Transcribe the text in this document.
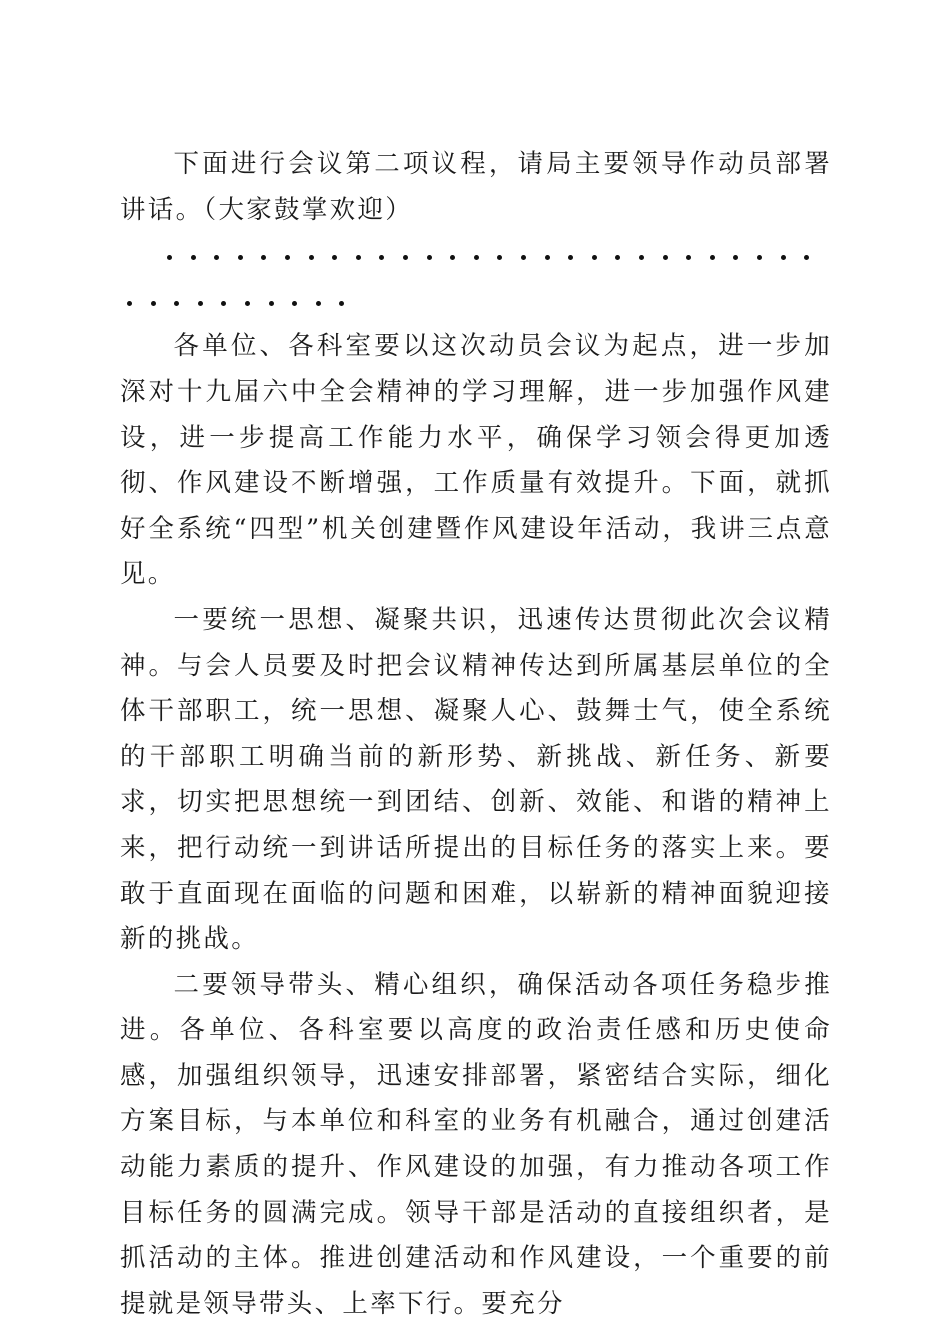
下面进行会议第二项议程，请局主要领导作动员部署讲话。（大家鼓掌欢迎）

各单位、各科室要以这次动员会议为起点，进一步加深对十九届六中全会精神的学习理解，进一步加强作风建设，进一步提高工作能力水平，确保学习领会得更加透彻、作风建设不断增强，工作质量有效提升。下面，就抓好全系统“四型”机关创建暨作风建设年活动，我讲三点意见。

一要统一思想、凝聚共识，迅速传达贯彻此次会议精神。与会人员要及时把会议精神传达到所属基层单位的全体干部职工，统一思想、凝聚人心、鼓舞士气，使全系统的干部职工明确当前的新形势、新挑战、新任务、新要求，切实把思想统一到团结、创新、效能、和谐的精神上来，把行动统一到讲话所提出的目标任务的落实上来。要敢于直面现在面临的问题和困难，以崭新的精神面貌迎接新的挑战。

二要领导带头、精心组织，确保活动各项任务稳步推进。各单位、各科室要以高度的政治责任感和历史使命感，加强组织领导，迅速安排部署，紧密结合实际，细化方案目标，与本单位和科室的业务有机融合，通过创建活动能力素质的提升、作风建设的加强，有力推动各项工作目标任务的圆满完成。领导干部是活动的直接组织者，是抓活动的主体。推进创建活动和作风建设，一个重要的前提就是领导带头、上率下行。要充分
